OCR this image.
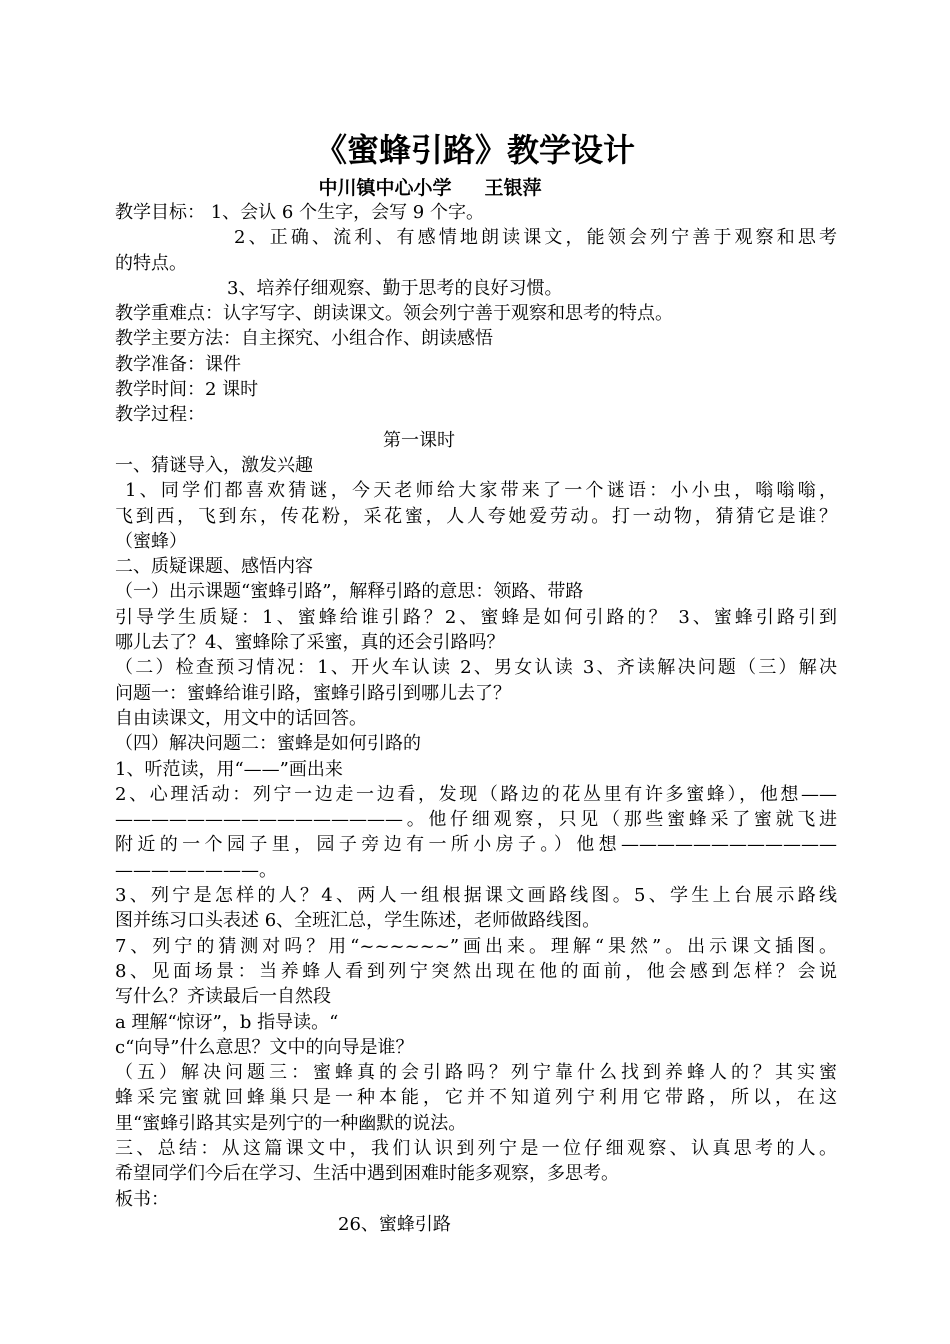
《蜜蜂引路》教学设计
中川镇中心小学     王银萍
教学目标： 1、会认 6 个生字，会写 9 个字。
2、正确、流利、有感情地朗读课文，能领会列宁善于观察和思考
的特点。
3、培养仔细观察、勤于思考的良好习惯。
教学重难点：认字写字、朗读课文。领会列宁善于观察和思考的特点。
教学主要方法：自主探究、小组合作、朗读感悟
教学准备：课件
教学时间：2 课时
教学过程：
第一课时
一、猜谜导入，激发兴趣
1、同学们都喜欢猜谜，今天老师给大家带来了一个谜语：小小虫，嗡嗡嗡，
飞到西，飞到东，传花粉，采花蜜，人人夸她爱劳动。打一动物，猜猜它是谁？
（蜜蜂）
二、质疑课题、感悟内容
（一）出示课题“蜜蜂引路”，解释引路的意思：领路、带路
引导学生质疑：1、蜜蜂给谁引路？2、蜜蜂是如何引路的？ 3、蜜蜂引路引到
哪儿去了？4、蜜蜂除了采蜜，真的还会引路吗？
（二）检查预习情况：1、开火车认读 2、男女认读 3、齐读解决问题（三）解决
问题一：蜜蜂给谁引路，蜜蜂引路引到哪儿去了？
自由读课文，用文中的话回答。
（四）解决问题二：蜜蜂是如何引路的
1、听范读，用“——”画出来
2、心理活动：列宁一边走一边看，发现（路边的花丛里有许多蜜蜂），他想——
————————————————。他仔细观察，只见（那些蜜蜂采了蜜就飞进
附近的一个园子里，园子旁边有一所小房子。）他想————————————
————————。
3、列宁是怎样的人？4、两人一组根据课文画路线图。5、学生上台展示路线
图并练习口头表述 6、全班汇总，学生陈述，老师做路线图。
7、列宁的猜测对吗？用“~~~~~~”画出来。理解“果然”。出示课文插图。
8、见面场景：当养蜂人看到列宁突然出现在他的面前，他会感到怎样？会说
写什么？齐读最后一自然段
a 理解“惊讶”，b 指导读。“
c“向导”什么意思？文中的向导是谁？
（五）解决问题三：蜜蜂真的会引路吗？列宁靠什么找到养蜂人的？其实蜜
蜂采完蜜就回蜂巢只是一种本能，它并不知道列宁利用它带路，所以，在这
里“蜜蜂引路其实是列宁的一种幽默的说法。
三、总结：从这篇课文中，我们认识到列宁是一位仔细观察、认真思考的人。
希望同学们今后在学习、生活中遇到困难时能多观察，多思考。
板书：
26、蜜蜂引路
